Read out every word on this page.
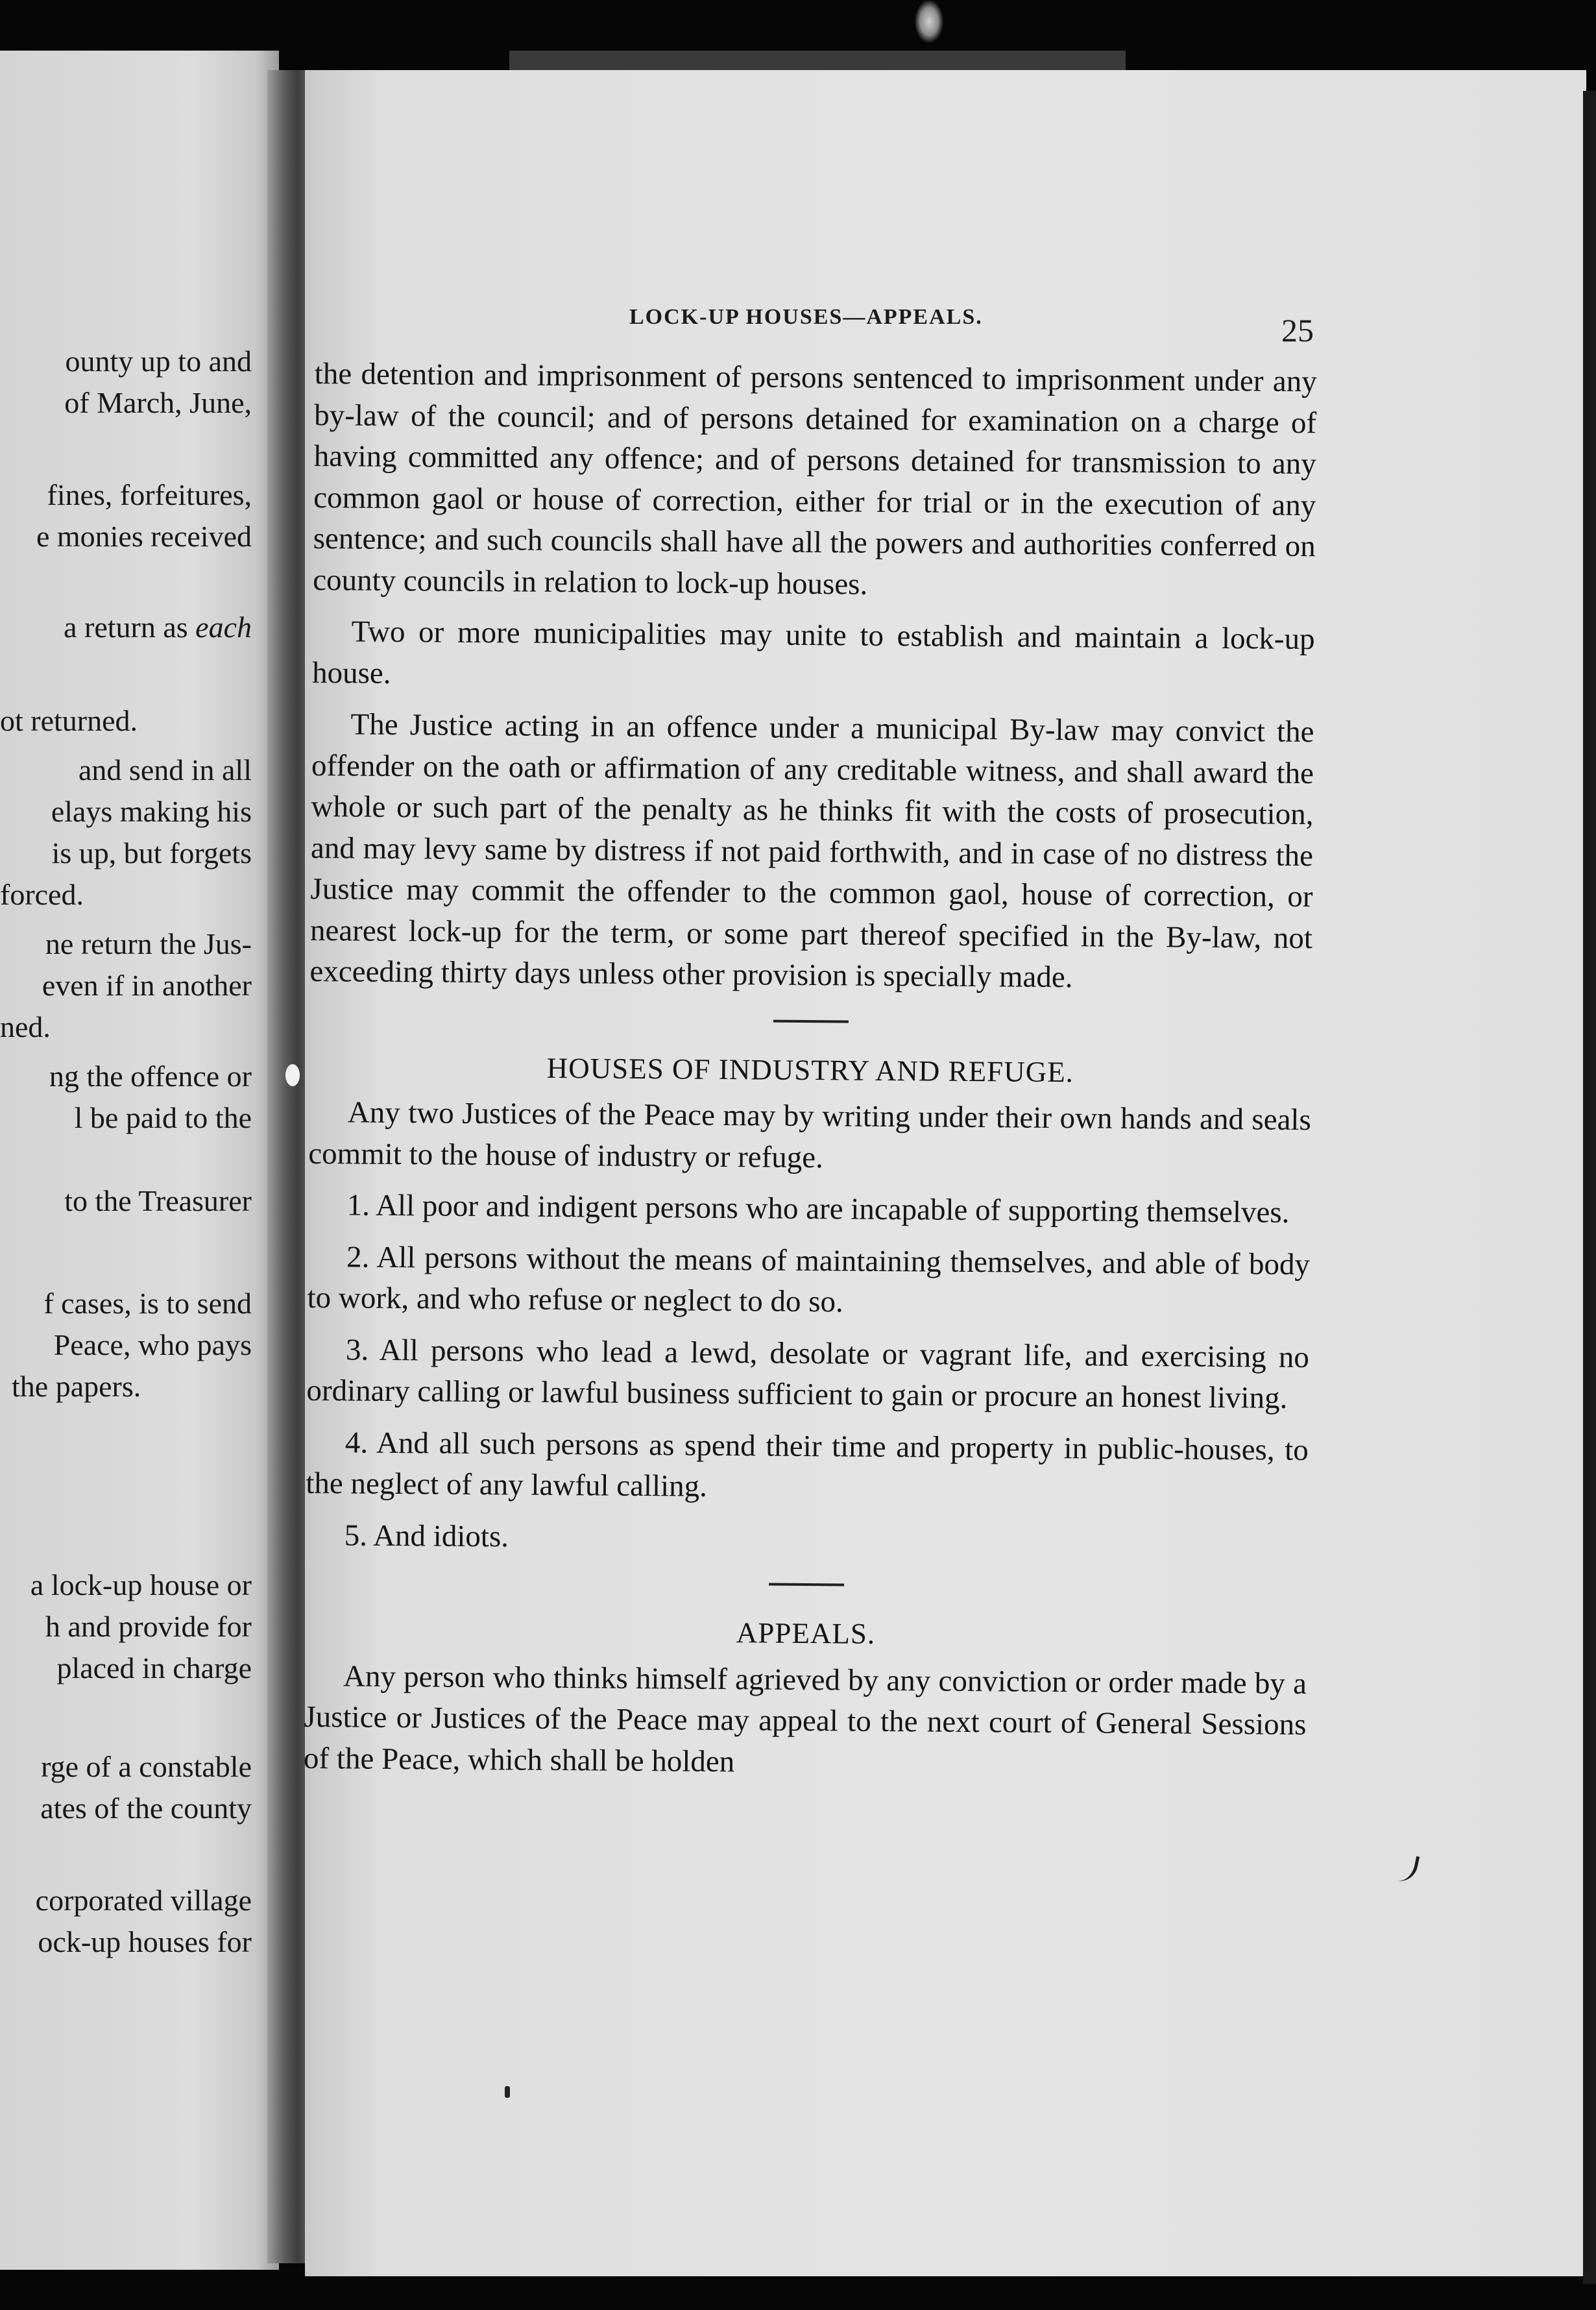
ounty up to and
of March, June,
fines, forfeitures,
e monies received
a return as each
ot returned.
and send in all
elays making his
is up, but forgets
forced.
ne return the Jus-
even if in another
ned.
ng the offence or
l be paid to the
to the Treasurer
f cases, is to send
Peace, who pays
the papers.
a lock-up house or
h and provide for
placed in charge
rge of a constable
ates of the county
corporated village
ock-up houses for
LOCK-UP HOUSES—APPEALS.	25

the detention and imprisonment of persons sentenced to imprisonment under any by-law of the council; and of persons detained for examination on a charge of having committed any offence; and of persons detained for transmission to any common gaol or house of correction, either for trial or in the execution of any sentence; and such councils shall have all the powers and authorities conferred on county councils in relation to lock-up houses.

Two or more municipalities may unite to establish and maintain a lock-up house.

The Justice acting in an offence under a municipal By-law may convict the offender on the oath or affirmation of any creditable witness, and shall award the whole or such part of the penalty as he thinks fit with the costs of prosecution, and may levy same by distress if not paid forthwith, and in case of no distress the Justice may commit the offender to the common gaol, house of correction, or nearest lock-up for the term, or some part thereof specified in the By-law, not exceeding thirty days unless other provision is specially made.

HOUSES OF INDUSTRY AND REFUGE.

Any two Justices of the Peace may by writing under their own hands and seals commit to the house of industry or refuge.

1. All poor and indigent persons who are incapable of supporting themselves.

2. All persons without the means of maintaining themselves, and able of body to work, and who refuse or neglect to do so.

3. All persons who lead a lewd, desolate or vagrant life, and exercising no ordinary calling or lawful business sufficient to gain or procure an honest living.

4. And all such persons as spend their time and property in public-houses, to the neglect of any lawful calling.

5. And idiots.

APPEALS.

Any person who thinks himself agrieved by any conviction or order made by a Justice or Justices of the Peace may appeal to the next court of General Sessions of the Peace, which shall be holden
